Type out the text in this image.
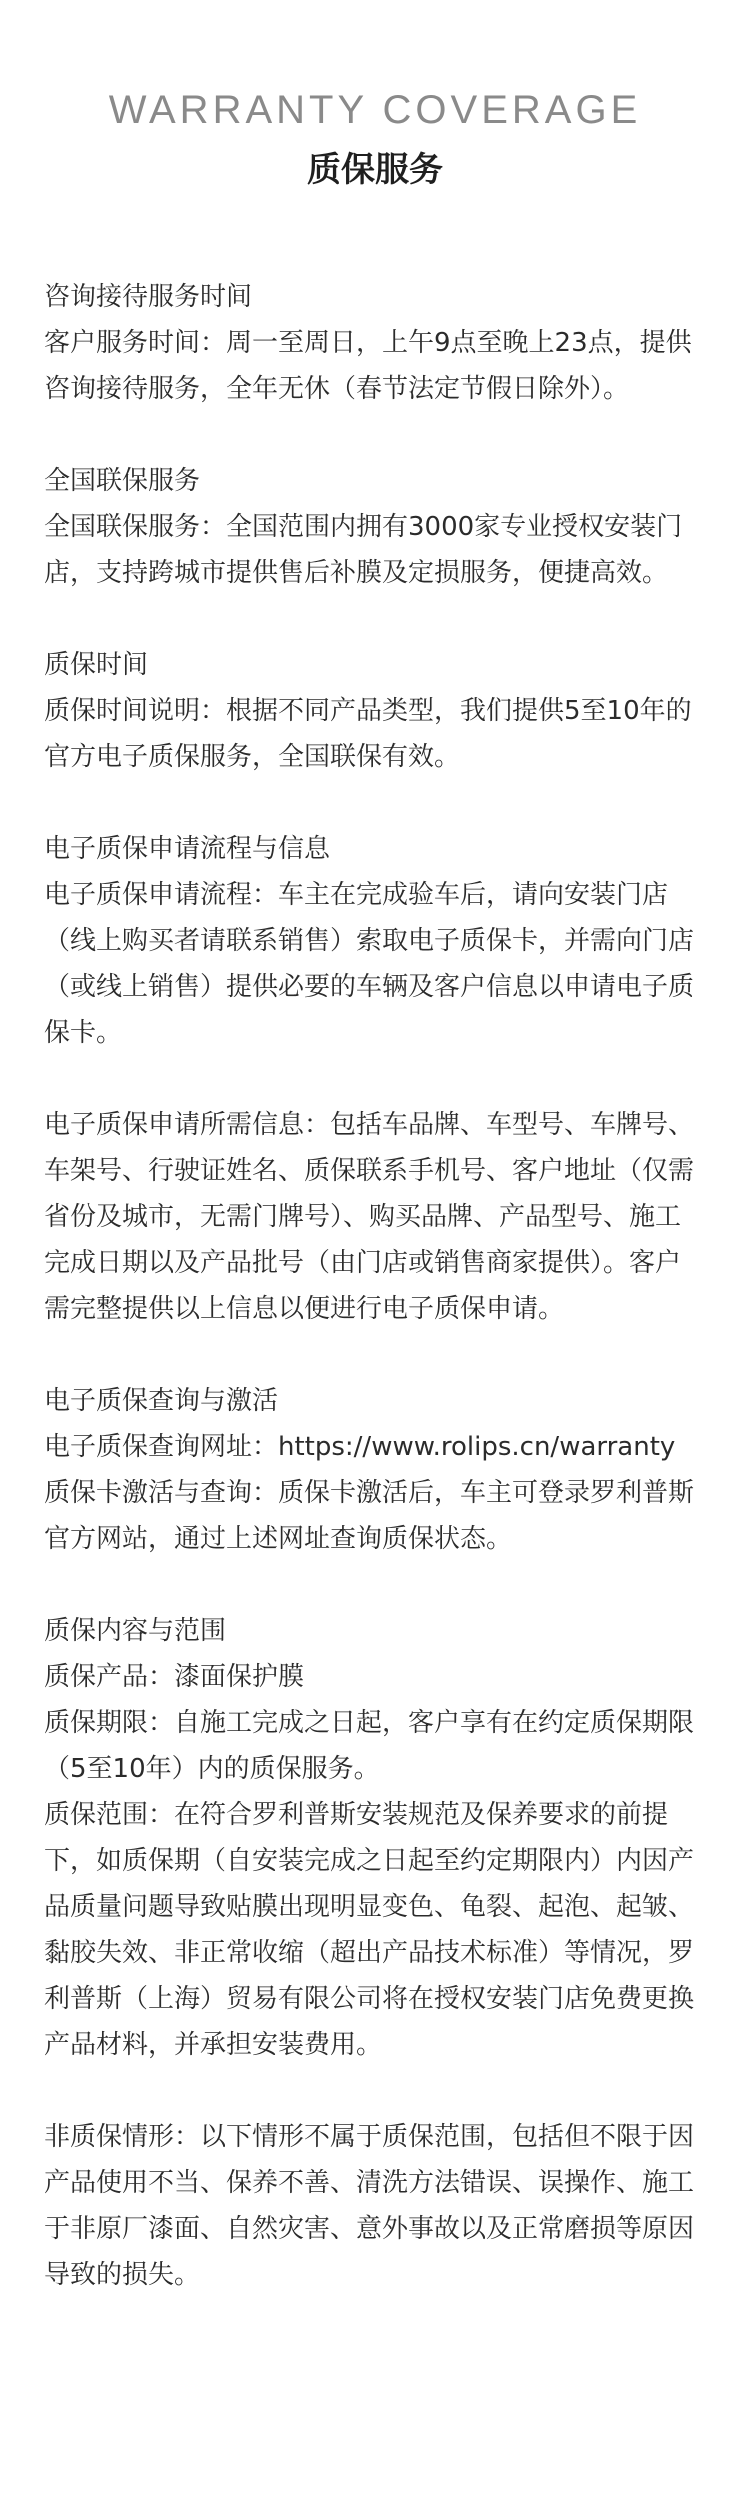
WARRANTY COVERAGE
质保服务

咨询接待服务时间

客户服务时间：周一至周日，上午9点至晚上23点，提供咨询接待服务，全年无休（春节法定节假日除外）。

全国联保服务

全国联保服务：全国范围内拥有3000家专业授权安装门店，支持跨城市提供售后补膜及定损服务，便捷高效。

质保时间

质保时间说明：根据不同产品类型，我们提供5至10年的官方电子质保服务，全国联保有效。

电子质保申请流程与信息

电子质保申请流程：车主在完成验车后，请向安装门店（线上购买者请联系销售）索取电子质保卡，并需向门店（或线上销售）提供必要的车辆及客户信息以申请电子质保卡。

电子质保申请所需信息：包括车品牌、车型号、车牌号、车架号、行驶证姓名、质保联系手机号、客户地址（仅需省份及城市，无需门牌号）、购买品牌、产品型号、施工完成日期以及产品批号（由门店或销售商家提供）。客户需完整提供以上信息以便进行电子质保申请。

电子质保查询与激活

电子质保查询网址：https://www.rolips.cn/warranty

质保卡激活与查询：质保卡激活后，车主可登录罗利普斯官方网站，通过上述网址查询质保状态。

质保内容与范围

质保产品：漆面保护膜

质保期限：自施工完成之日起，客户享有在约定质保期限（5至10年）内的质保服务。

质保范围：在符合罗利普斯安装规范及保养要求的前提下，如质保期（自安装完成之日起至约定期限内）内因产品质量问题导致贴膜出现明显变色、龟裂、起泡、起皱、黏胶失效、非正常收缩（超出产品技术标准）等情况，罗利普斯（上海）贸易有限公司将在授权安装门店免费更换产品材料，并承担安装费用。

非质保情形：以下情形不属于质保范围，包括但不限于因产品使用不当、保养不善、清洗方法错误、误操作、施工于非原厂漆面、自然灾害、意外事故以及正常磨损等原因导致的损失。
